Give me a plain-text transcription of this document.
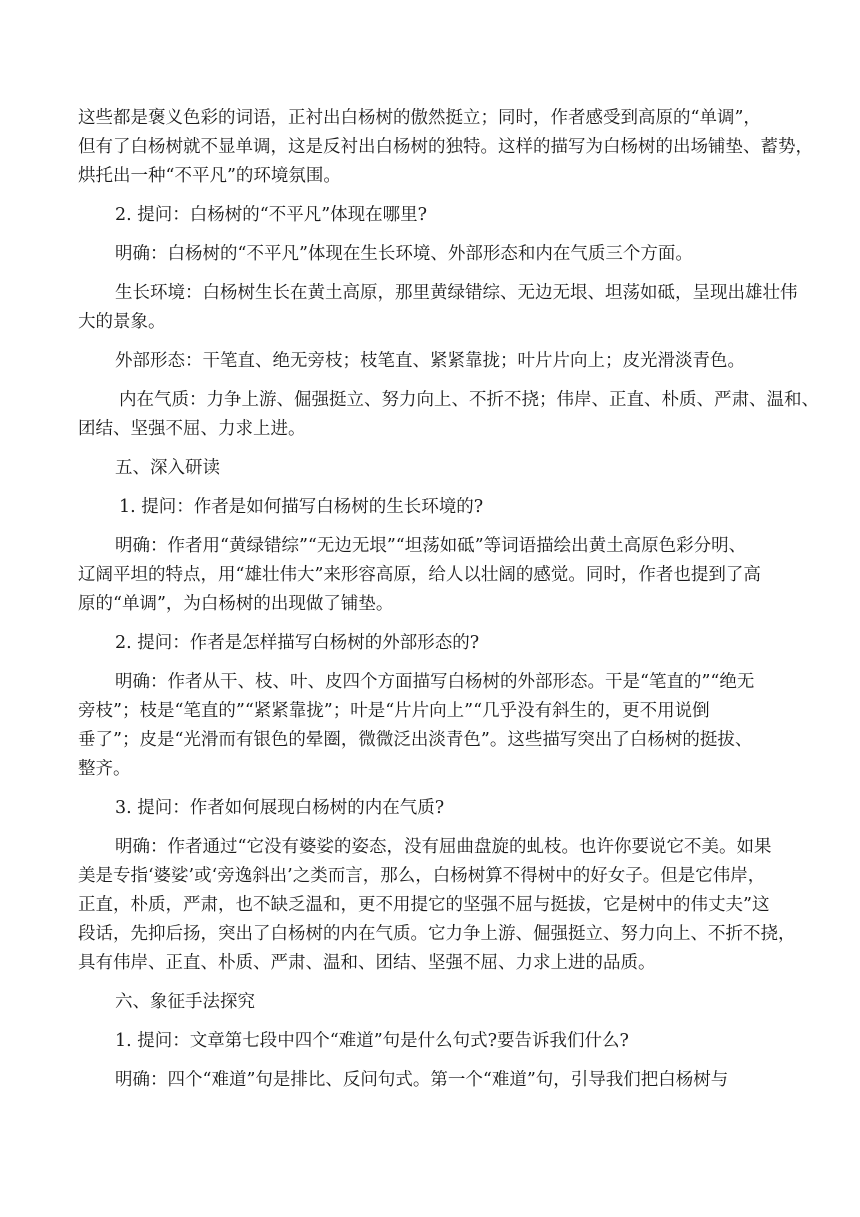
这些都是褒义色彩的词语，正衬出白杨树的傲然挺立；同时，作者感受到高原的“单调”，

但有了白杨树就不显单调，这是反衬出白杨树的独特。这样的描写为白杨树的出场铺垫、蓄势，

烘托出一种“不平凡”的环境氛围。

2. 提问：白杨树的“不平凡”体现在哪里?

明确：白杨树的“不平凡”体现在生长环境、外部形态和内在气质三个方面。

生长环境：白杨树生长在黄土高原，那里黄绿错综、无边无垠、坦荡如砥，呈现出雄壮伟

大的景象。

外部形态：干笔直、绝无旁枝；枝笔直、紧紧靠拢；叶片片向上；皮光滑淡青色。

内在气质：力争上游、倔强挺立、努力向上、不折不挠；伟岸、正直、朴质、严肃、温和、

团结、坚强不屈、力求上进。

五、深入研读

1. 提问：作者是如何描写白杨树的生长环境的?

明确：作者用“黄绿错综”“无边无垠”“坦荡如砥”等词语描绘出黄土高原色彩分明、

辽阔平坦的特点，用“雄壮伟大”来形容高原，给人以壮阔的感觉。同时，作者也提到了高

原的“单调”，为白杨树的出现做了铺垫。

2. 提问：作者是怎样描写白杨树的外部形态的?

明确：作者从干、枝、叶、皮四个方面描写白杨树的外部形态。干是“笔直的”“绝无

旁枝”；枝是“笔直的”“紧紧靠拢”；叶是“片片向上”“几乎没有斜生的，更不用说倒

垂了”；皮是“光滑而有银色的晕圈，微微泛出淡青色”。这些描写突出了白杨树的挺拔、

整齐。

3. 提问：作者如何展现白杨树的内在气质?

明确：作者通过“它没有婆娑的姿态，没有屈曲盘旋的虬枝。也许你要说它不美。如果

美是专指‘婆娑’或‘旁逸斜出’之类而言，那么，白杨树算不得树中的好女子。但是它伟岸，

正直，朴质，严肃，也不缺乏温和，更不用提它的坚强不屈与挺拔，它是树中的伟丈夫”这

段话，先抑后扬，突出了白杨树的内在气质。它力争上游、倔强挺立、努力向上、不折不挠，

具有伟岸、正直、朴质、严肃、温和、团结、坚强不屈、力求上进的品质。

六、象征手法探究

1. 提问：文章第七段中四个“难道”句是什么句式?要告诉我们什么?

明确：四个“难道”句是排比、反问句式。第一个“难道”句，引导我们把白杨树与
